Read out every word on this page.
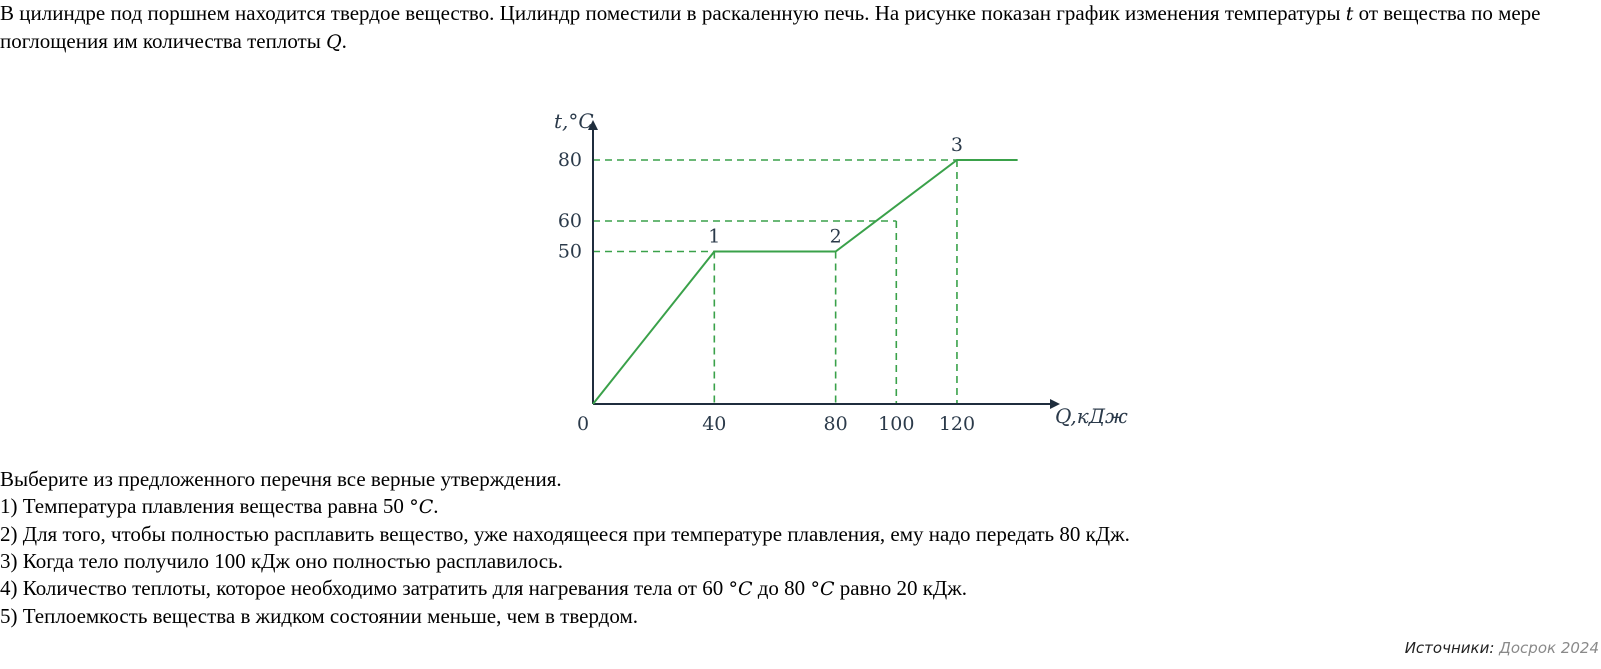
В цилиндре под поршнем находится твердое вещество. Цилиндр поместили в раскаленную печь. На рисунке показан график изменения температуры t от вещества по мере поглощения им количества теплоты Q.
40	80 100 120
80
60
50
1	2
3
t,°C
Q,кДж
0
Выберите из предложенного перечня все верные утверждения.
1) Температура плавления вещества равна 50 °C.
2) Для того, чтобы полностью расплавить вещество, уже находящееся при температуре плавления, ему надо передать 80 кДж.
3) Когда тело получило 100 кДж оно полностью расплавилось.
4) Количество теплоты, которое необходимо затратить для нагревания тела от 60 °C до 80 °C равно 20 кДж.
5) Теплоемкость вещества в жидком состоянии меньше, чем в твердом.
Источники: Досрок 2024
